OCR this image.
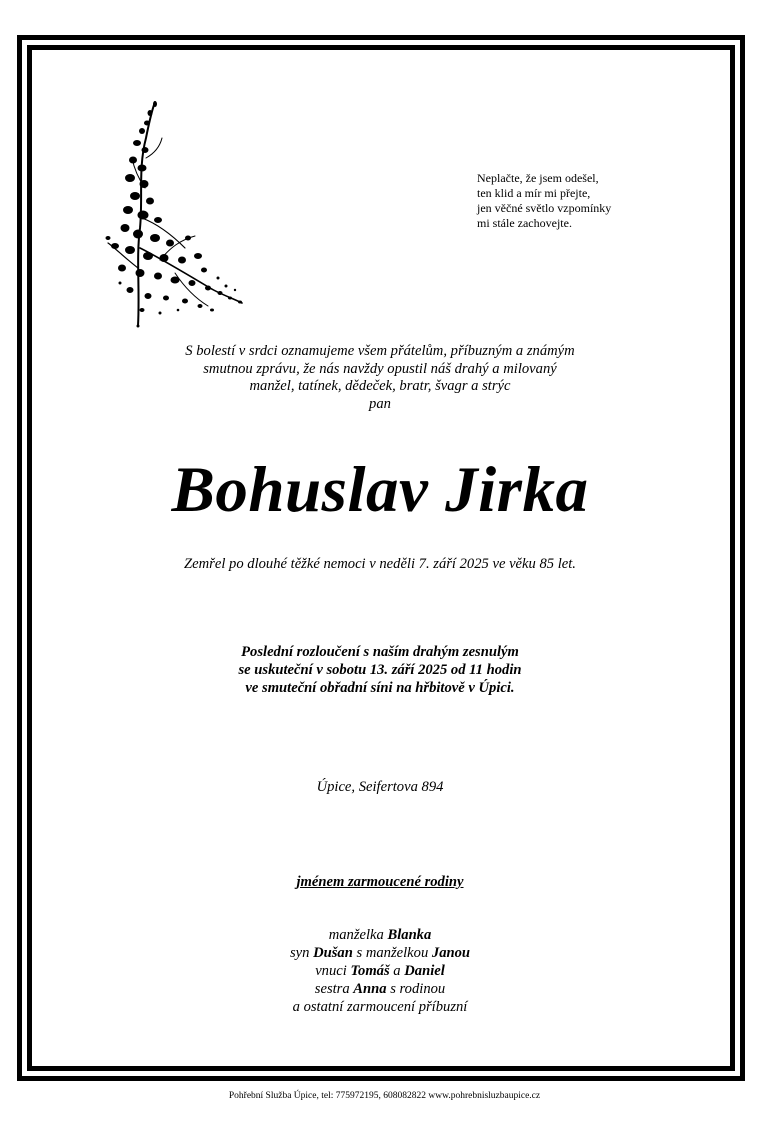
Neplačte, že jsem odešel,
ten klid a mír mi přejte,
jen věčné světlo vzpomínky
mi stále zachovejte.
S bolestí v srdci oznamujeme všem přátelům, příbuzným a známým
smutnou zprávu, že nás navždy opustil náš drahý a milovaný
manžel, tatínek, dědeček, bratr, švagr a strýc
pan
Bohuslav Jirka
Zemřel po dlouhé těžké nemoci v neděli 7. září 2025 ve věku 85 let.
Poslední rozloučení s naším drahým zesnulým
se uskuteční v sobotu 13. září 2025 od 11 hodin
ve smuteční obřadní síni na hřbitově v Úpici.
Úpice, Seifertova 894
jménem zarmoucené rodiny
manželka Blanka
syn Dušan s manželkou Janou
vnuci Tomáš a Daniel
sestra Anna s rodinou
a ostatní zarmoucení příbuzní
Pohřební Služba Úpice, tel: 775972195, 608082822 www.pohrebnisluzbaupice.cz
